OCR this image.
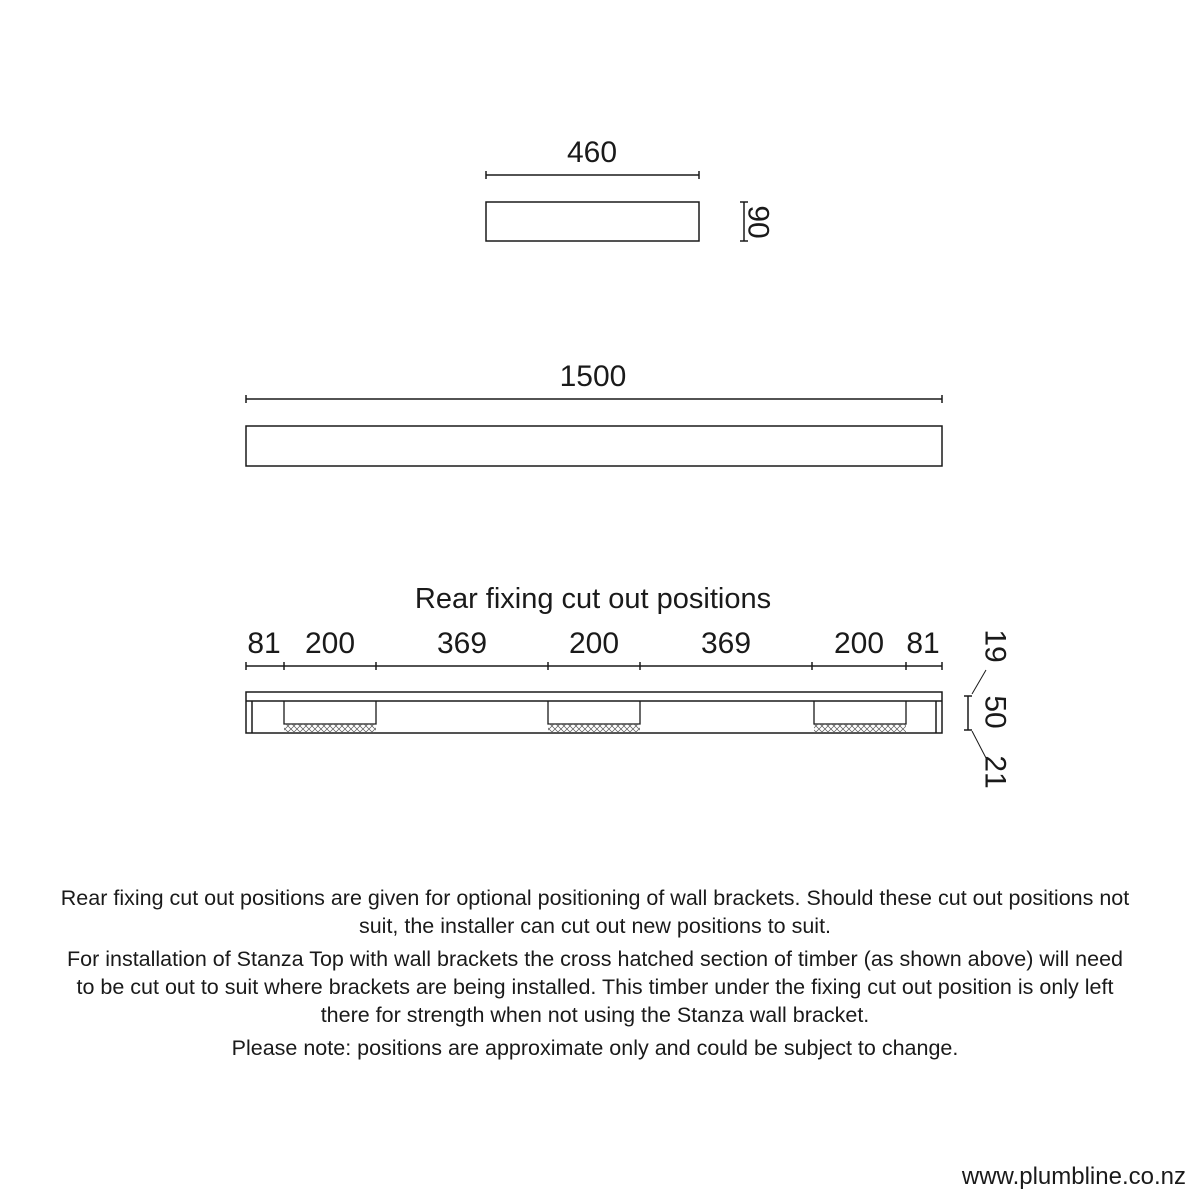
460
90
1500
Rear fixing cut out positions
81 200	369	200	369	200 81 19
50
21

Rear fixing cut out positions are given for optional positioning of wall brackets. Should these cut out positions not suit, the installer can cut out new positions to suit.

For installation of Stanza Top with wall brackets the cross hatched section of timber (as shown above) will need to be cut out to suit where brackets are being installed. This timber under the fixing cut out position is only left there for strength when not using the Stanza wall bracket.

Please note: positions are approximate only and could be subject to change.

www.plumbline.co.nz
